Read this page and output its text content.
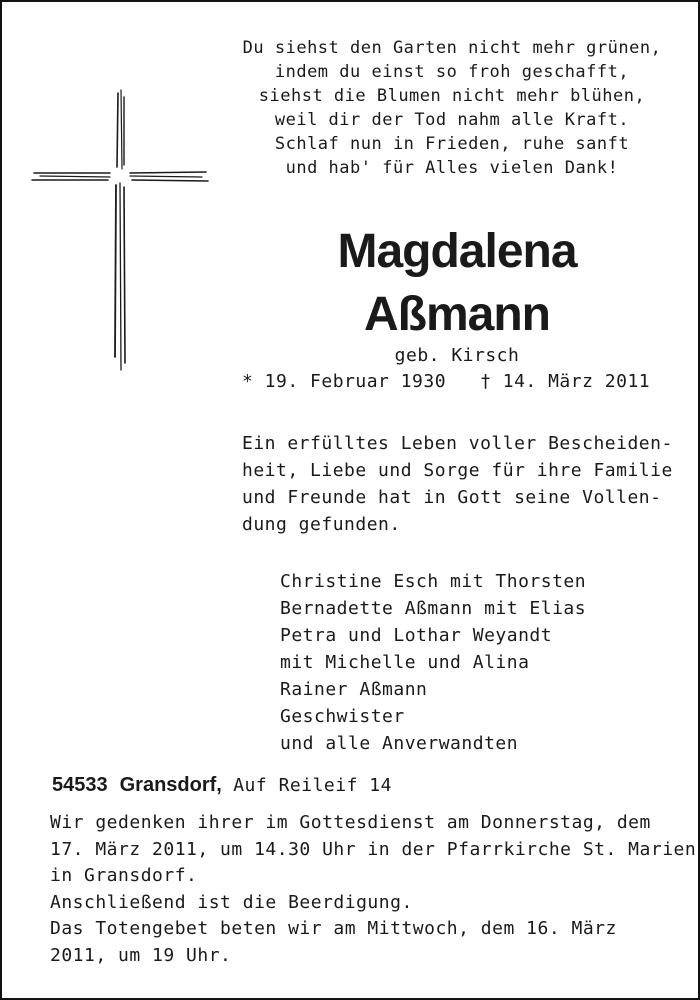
Du siehst den Garten nicht mehr grünen,
indem du einst so froh geschafft,
siehst die Blumen nicht mehr blühen,
weil dir der Tod nahm alle Kraft.
Schlaf nun in Frieden, ruhe sanft
und hab' für Alles vielen Dank!
Magdalena
Aßmann
geb. Kirsch
* 19. Februar 1930 † 14. März 2011
Ein erfülltes Leben voller Bescheiden-
heit, Liebe und Sorge für ihre Familie
und Freunde hat in Gott seine Vollen-
dung gefunden.
Christine Esch mit Thorsten
Bernadette Aßmann mit Elias
Petra und Lothar Weyandt
mit Michelle und Alina
Rainer Aßmann
Geschwister
und alle Anverwandten
54533 Gransdorf, Auf Reileif 14
Wir gedenken ihrer im Gottesdienst am Donnerstag, dem
17. März 2011, um 14.30 Uhr in der Pfarrkirche St. Marien
in Gransdorf.
Anschließend ist die Beerdigung.
Das Totengebet beten wir am Mittwoch, dem 16. März
2011, um 19 Uhr.
